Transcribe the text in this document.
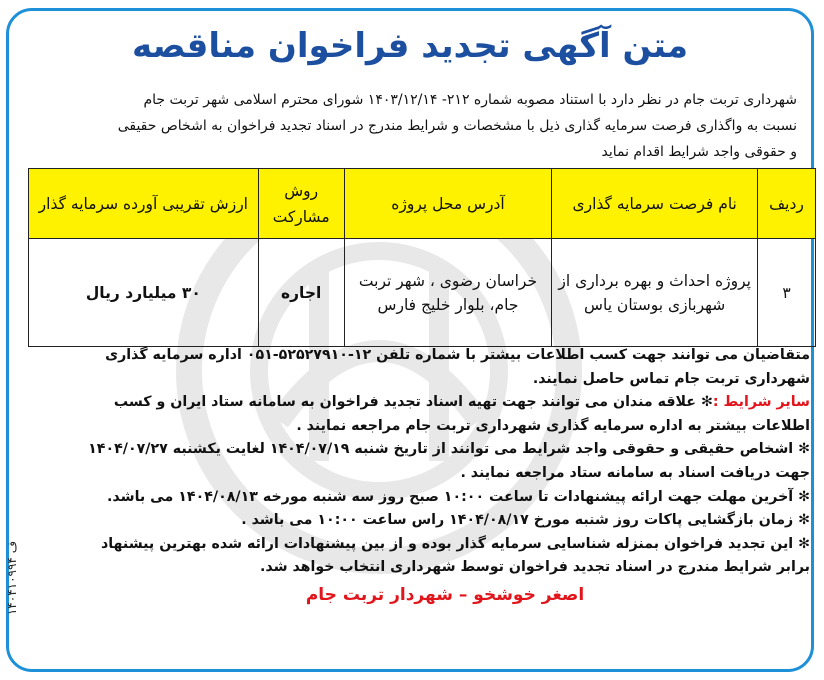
متن آگهی تجدید فراخوان مناقصه

شهرداری تربت جام در نظر دارد با استناد مصوبه شماره ۲۱۲- ۱۴۰۳/۱۲/۱۴ شورای محترم اسلامی شهر تربت جام

نسبت به واگذاری فرصت سرمایه گذاری ذیل با مشخصات و شرایط مندرج در اسناد تجدید فراخوان به اشخاص حقیقی

و حقوقی واجد شرایط اقدام نماید

ردیف	نام فرصت سرمایه گذاری	آدرس محل پروژه	روش مشارکت	ارزش تقریبی آورده سرمایه گذار
۳	پروژه احداث و بهره برداری از شهربازی بوستان یاس	خراسان رضوی ، شهر تربت جام، بلوار خلیج فارس	اجاره	۳۰ میلیارد ریال

متقاضیان می توانند جهت کسب اطلاعات بیشتر با شماره تلفن ۱۲-۵۲۵۲۷۹۱۰-۰۵۱ اداره سرمایه گذاری

شهرداری تربت جام تماس حاصل نمایند.

سایر شرایط :✻ علاقه مندان می توانند جهت تهیه اسناد تجدید فراخوان به سامانه ستاد ایران و کسب

اطلاعات بیشتر به اداره سرمایه گذاری شهرداری تربت جام مراجعه نمایند .

✻ اشخاص حقیقی و حقوقی واجد شرایط می توانند از تاریخ شنبه ۱۴۰۴/۰۷/۱۹ لغایت یکشنبه ۱۴۰۴/۰۷/۲۷

جهت دریافت اسناد به سامانه ستاد مراجعه نمایند .

✻ آخرین مهلت جهت ارائه پیشنهادات تا ساعت ۱۰:۰۰ صبح روز سه شنبه مورخه ۱۴۰۴/۰۸/۱۳ می باشد.

✻ زمان بازگشایی پاکات روز شنبه مورخ ۱۴۰۴/۰۸/۱۷ راس ساعت ۱۰:۰۰ می باشد .

✻ این تجدید فراخوان بمنزله شناسایی سرمایه گذار بوده و از بین پیشنهادات ارائه شده بهترین پیشنهاد

برابر شرایط مندرج در اسناد تجدید فراخوان توسط شهرداری انتخاب خواهد شد.

اصغر خوشخو – شهردار تربت جام
ف ۱۴۰۴۱۰۹۹۴
